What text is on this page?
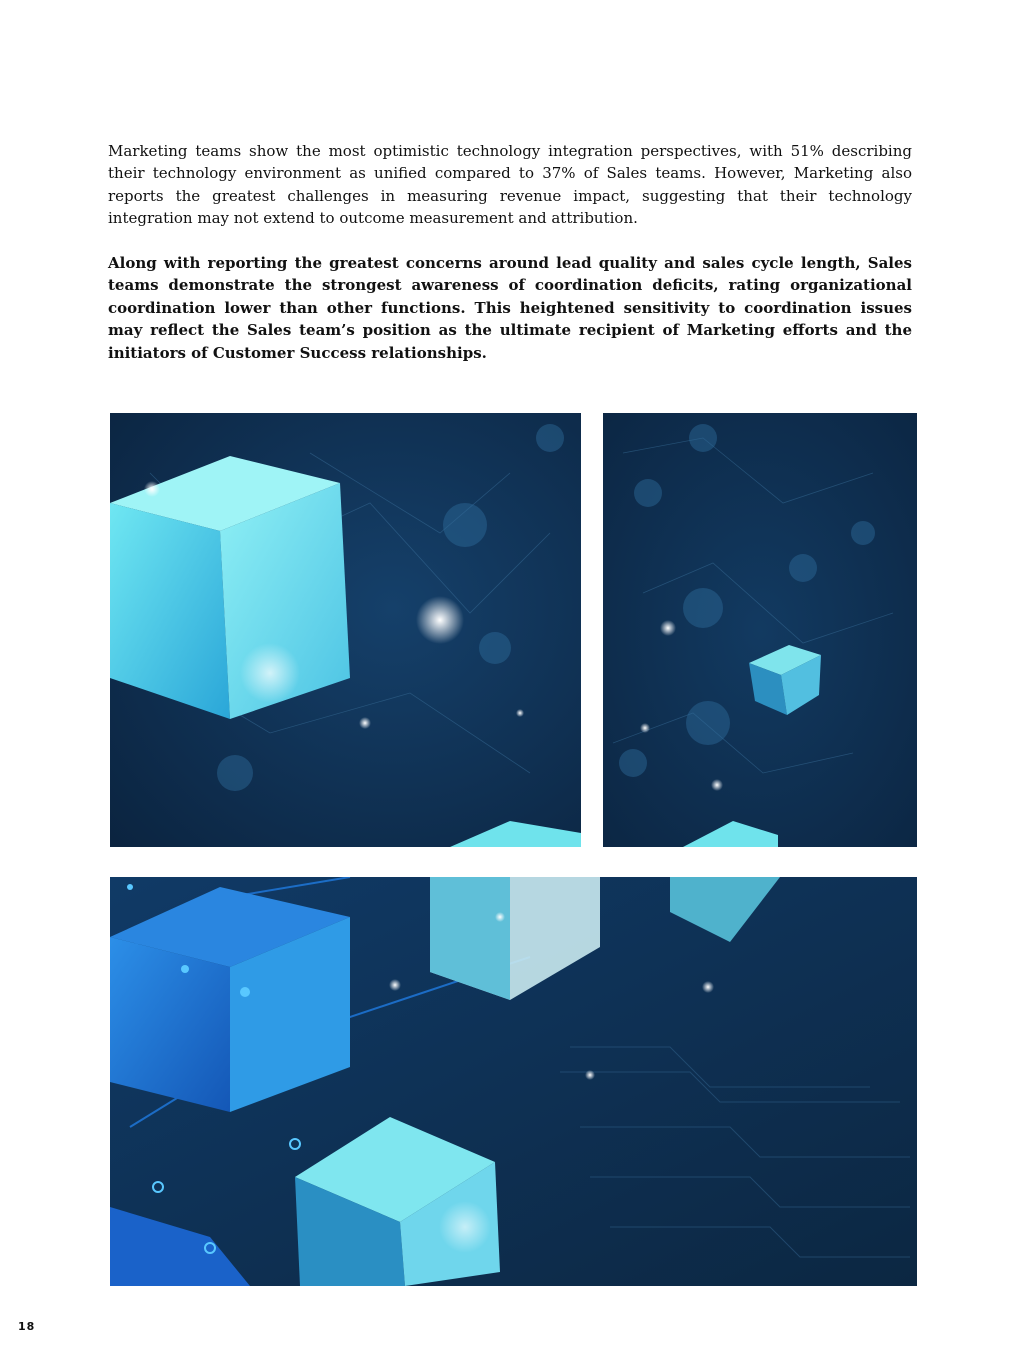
Marketing teams show the most optimistic technology integration perspectives, with 51% describing their technology environment as unified compared to 37% of Sales teams. However, Marketing also reports the greatest challenges in measuring revenue impact, suggesting that their technology integration may not extend to outcome measurement and attribution.

Along with reporting the greatest concerns around lead quality and sales cycle length, Sales teams demonstrate the strongest awareness of coordination deficits, rating organizational coordination lower than other functions. This heightened sensitivity to coordination issues may reflect the Sales team’s position as the ultimate recipient of Marketing efforts and the initiators of Customer Success relationships.

18
